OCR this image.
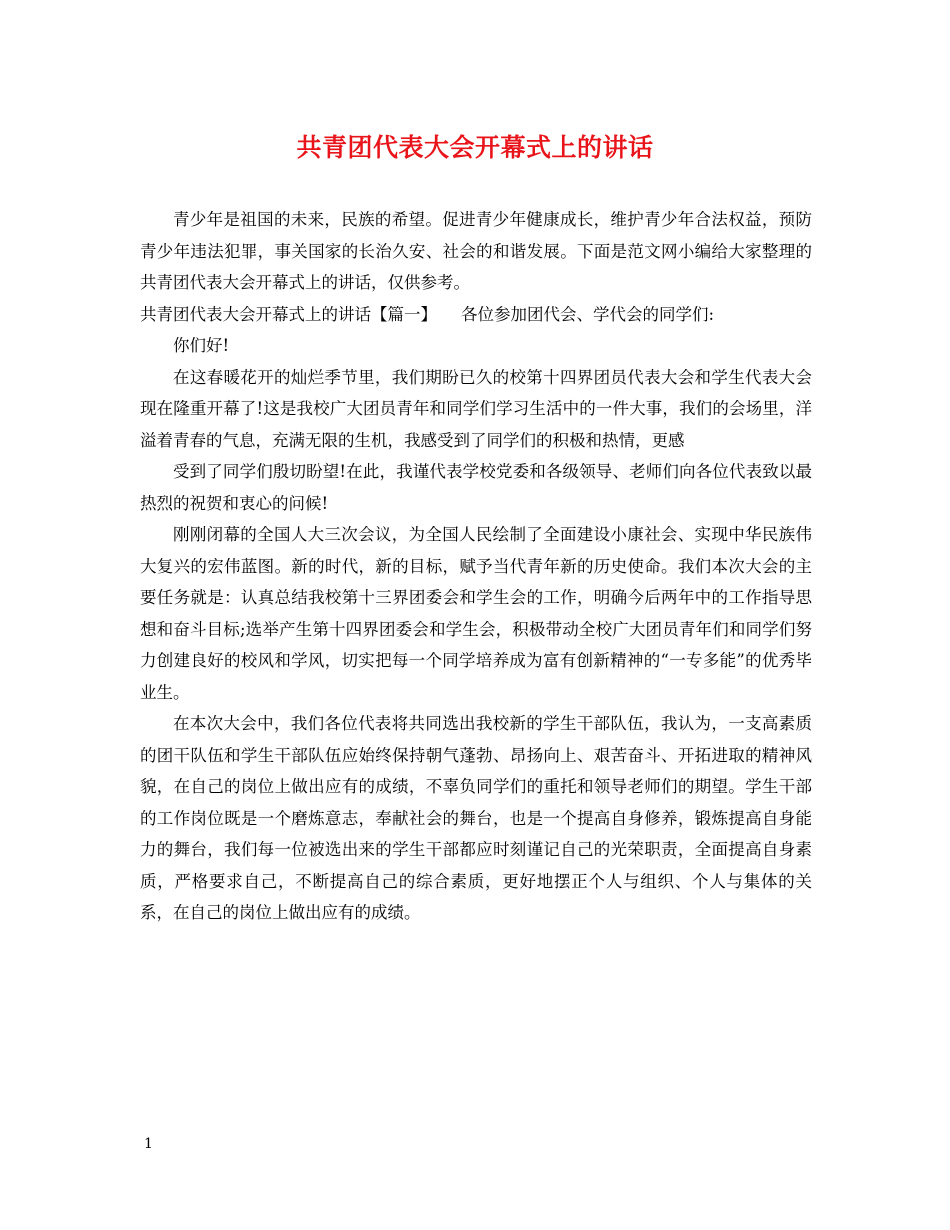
共青团代表大会开幕式上的讲话

青少年是祖国的未来，民族的希望。促进青少年健康成长，维护青少年合法权益，预防青少年违法犯罪，事关国家的长治久安、社会的和谐发展。下面是范文网小编给大家整理的共青团代表大会开幕式上的讲话，仅供参考。

共青团代表大会开幕式上的讲话【篇一】 各位参加团代会、学代会的同学们:

你们好!

在这春暖花开的灿烂季节里，我们期盼已久的校第十四界团员代表大会和学生代表大会现在隆重开幕了!这是我校广大团员青年和同学们学习生活中的一件大事，我们的会场里，洋溢着青春的气息，充满无限的生机，我感受到了同学们的积极和热情，更感

受到了同学们殷切盼望!在此，我谨代表学校党委和各级领导、老师们向各位代表致以最热烈的祝贺和衷心的问候!

刚刚闭幕的全国人大三次会议，为全国人民绘制了全面建设小康社会、实现中华民族伟大复兴的宏伟蓝图。新的时代，新的目标，赋予当代青年新的历史使命。我们本次大会的主要任务就是：认真总结我校第十三界团委会和学生会的工作，明确今后两年中的工作指导思想和奋斗目标;选举产生第十四界团委会和学生会，积极带动全校广大团员青年们和同学们努力创建良好的校风和学风，切实把每一个同学培养成为富有创新精神的“一专多能”的优秀毕业生。

在本次大会中，我们各位代表将共同选出我校新的学生干部队伍，我认为，一支高素质的团干队伍和学生干部队伍应始终保持朝气蓬勃、昂扬向上、艰苦奋斗、开拓进取的精神风貌，在自己的岗位上做出应有的成绩，不辜负同学们的重托和领导老师们的期望。学生干部的工作岗位既是一个磨炼意志，奉献社会的舞台，也是一个提高自身修养，锻炼提高自身能力的舞台，我们每一位被选出来的学生干部都应时刻谨记自己的光荣职责，全面提高自身素质，严格要求自己，不断提高自己的综合素质，更好地摆正个人与组织、个人与集体的关系，在自己的岗位上做出应有的成绩。

1
